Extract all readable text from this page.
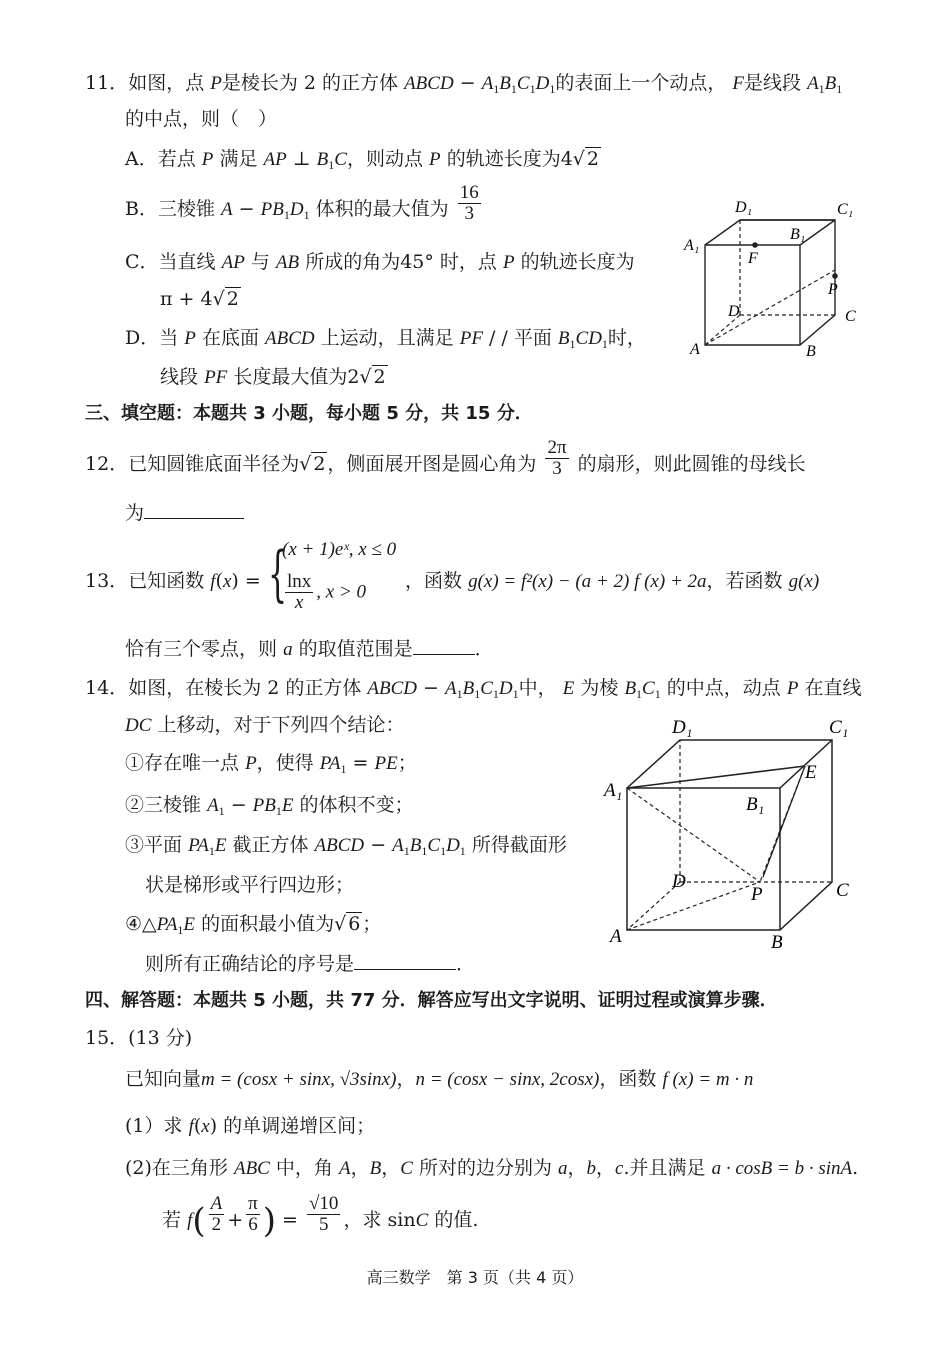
11．如图，点 P是棱长为 2 的正方体 ABCD − $A_1B_1C_1D_1$的表面上一个动点， F是线段 $A_1B_1$
的中点，则（　）
A．若点 P 满足 AP ⊥ $B_1C$，则动点 P 的轨迹长度为4√ 2
B．三棱锥 $A - PB_1D_1$ 体积的最大值为 $\frac{16}{3}$
C．当直线 AP 与 AB 所成的角为45° 时，点 P 的轨迹长度为
π + 4√ 2
D．当 P 在底面 ABCD 上运动，且满足 PF / / 平面 $B_1CD_1$时，
线段 PF 长度最大值为2√ 2
D₁	C₁
A₁
B₁
F
P
D	C
A	B
三、填空题：本题共 3 小题，每小题 5 分，共 15 分．
12．已知圆锥底面半径为√ 2 ，侧面展开图是圆心角为 $\frac{2\pi}{3}$ 的扇形，则此圆锥的母线长
为
13．已知函数 f(x) = {
(x + 1)eˣ, x ≤ 0
$\frac{\ln x}{x}$ , x > 0 ，函数 g(x) = f²(x) − (a + 2) f (x) + 2a，若函数 g(x)
恰有三个零点，则 a 的取值范围是	．
14．如图，在棱长为 2 的正方体 ABCD − $A_1B_1C_1D_1$中， E 为棱 $B_1C_1$ 的中点，动点 P 在直线
DC 上移动，对于下列四个结论：
①存在唯一点 P，使得 $PA_1$ = PE；
②三棱锥 $A_1 - PB_1E$ 的体积不变；
③平面 $PA_1E$ 截正方体 ABCD − $A_1B_1C_1D_1$ 所得截面形
状是梯形或平行四边形；
$④\triangle PA_1E$ 的面积最小值为√ 6 ；
则所有正确结论的序号是	．
D₁	C₁
A₁
E
B₁
D
P	C
A	B
四、解答题：本题共 5 小题，共 77 分．解答应写出文字说明、证明过程或演算步骤．
15．(13 分)
已知向量m = (cosx + sinx, √3sinx)，n = (cosx − sinx, 2cosx)，函数 f (x) = m · n
(1）求 f(x) 的单调递增区间；
(2)在三角形 ABC 中，角 A，B，C 所对的边分别为 a，b，c.并且满足 a · cosB = b · sinA.
若 $f( \frac{A}{2} + \frac{\pi}{6}$ ) = $\frac{√10}{5}$ ，求 sinC 的值.
高三数学　第 3 页（共 4 页）
